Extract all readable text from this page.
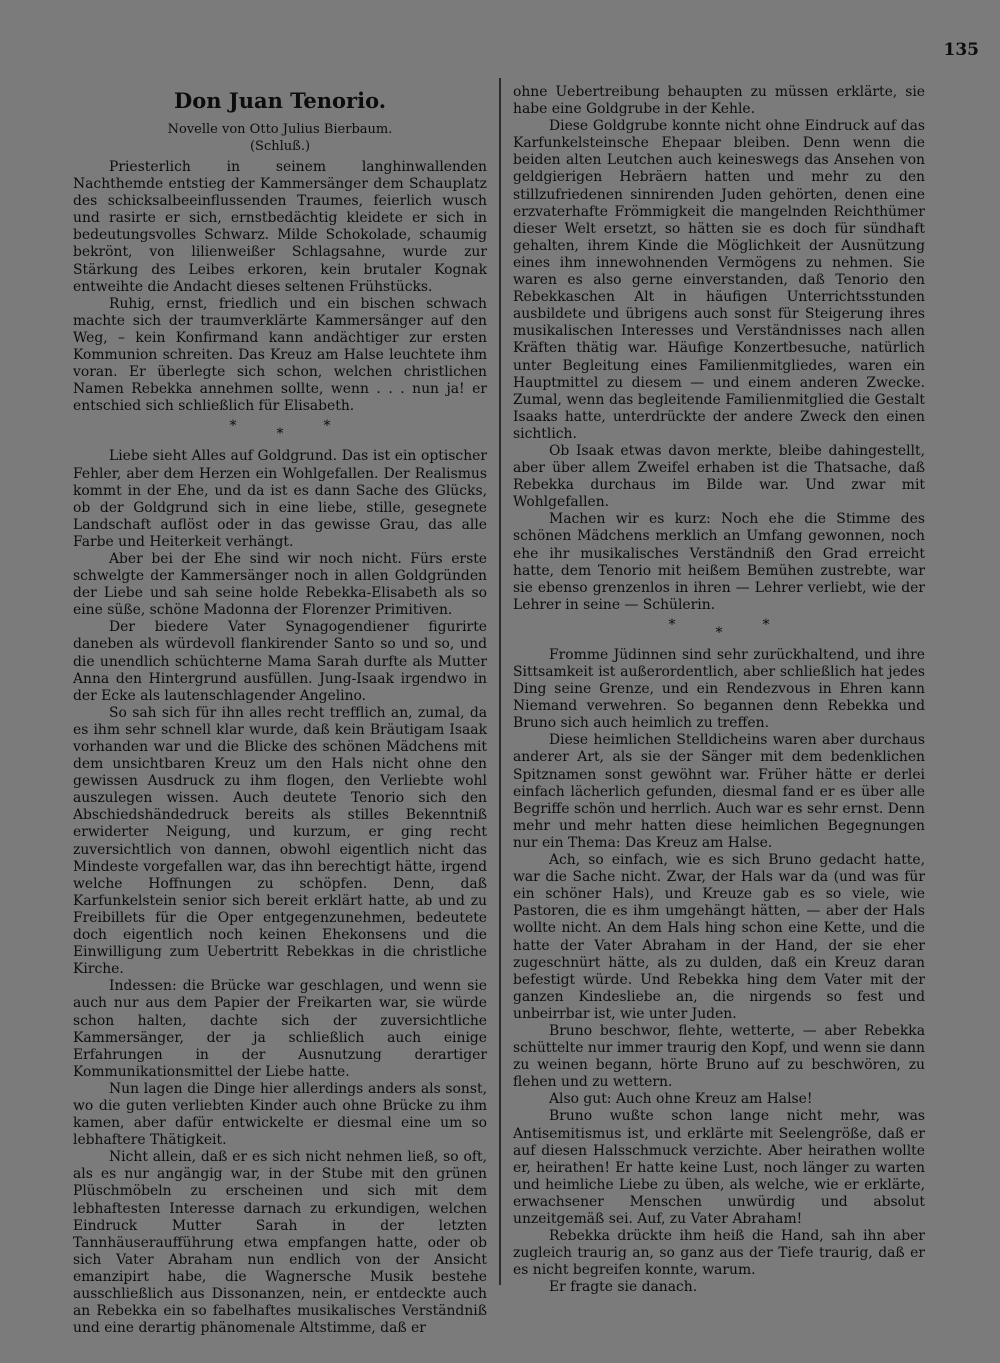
135
Don Juan Tenorio.
Novelle von Otto Julius Bierbaum.
(Schluß.)

Priesterlich in seinem langhinwallenden Nachthemde entstieg der Kammersänger dem Schauplatz des schicksalbeeinflussenden Traumes, feierlich wusch und rasirte er sich, ernstbedächtig kleidete er sich in bedeutungsvolles Schwarz. Milde Schokolade, schaumig bekrönt, von lilienweißer Schlagsahne, wurde zur Stärkung des Leibes erkoren, kein brutaler Kognak entweihte die Andacht dieses seltenen Frühstücks.

Ruhig, ernst, friedlich und ein bischen schwach machte sich der traumverklärte Kammersänger auf den Weg, – kein Konfirmand kann andächtiger zur ersten Kommunion schreiten. Das Kreuz am Halse leuchtete ihm voran. Er überlegte sich schon, welchen christlichen Namen Rebekka annehmen sollte, wenn . . . nun ja! er entschied sich schließlich für Elisabeth.

***

Liebe sieht Alles auf Goldgrund. Das ist ein optischer Fehler, aber dem Herzen ein Wohlgefallen. Der Realismus kommt in der Ehe, und da ist es dann Sache des Glücks, ob der Goldgrund sich in eine liebe, stille, gesegnete Landschaft auflöst oder in das gewisse Grau, das alle Farbe und Heiterkeit verhängt.

Aber bei der Ehe sind wir noch nicht. Fürs erste schwelgte der Kammersänger noch in allen Goldgründen der Liebe und sah seine holde Rebekka-Elisabeth als so eine süße, schöne Madonna der Florenzer Primitiven.

Der biedere Vater Synagogendiener figurirte daneben als würdevoll flankirender Santo so und so, und die unendlich schüchterne Mama Sarah durfte als Mutter Anna den Hintergrund ausfüllen. Jung-Isaak irgendwo in der Ecke als lautenschlagender Angelino.

So sah sich für ihn alles recht trefflich an, zumal, da es ihm sehr schnell klar wurde, daß kein Bräutigam Isaak vorhanden war und die Blicke des schönen Mädchens mit dem unsichtbaren Kreuz um den Hals nicht ohne den gewissen Ausdruck zu ihm flogen, den Verliebte wohl auszulegen wissen. Auch deutete Tenorio sich den Abschiedshändedruck bereits als stilles Bekenntniß erwiderter Neigung, und kurzum, er ging recht zuversichtlich von dannen, obwohl eigentlich nicht das Mindeste vorgefallen war, das ihn berechtigt hätte, irgend welche Hoffnungen zu schöpfen. Denn, daß Karfunkelstein senior sich bereit erklärt hatte, ab und zu Freibillets für die Oper entgegenzunehmen, bedeutete doch eigentlich noch keinen Ehekonsens und die Einwilligung zum Uebertritt Rebekkas in die christliche Kirche.

Indessen: die Brücke war geschlagen, und wenn sie auch nur aus dem Papier der Freikarten war, sie würde schon halten, dachte sich der zuversichtliche Kammersänger, der ja schließlich auch einige Erfahrungen in der Ausnutzung derartiger Kommunikationsmittel der Liebe hatte.

Nun lagen die Dinge hier allerdings anders als sonst, wo die guten verliebten Kinder auch ohne Brücke zu ihm kamen, aber dafür entwickelte er diesmal eine um so lebhaftere Thätigkeit.

Nicht allein, daß er es sich nicht nehmen ließ, so oft, als es nur angängig war, in der Stube mit den grünen Plüschmöbeln zu erscheinen und sich mit dem lebhaftesten Interesse darnach zu erkundigen, welchen Eindruck Mutter Sarah in der letzten Tannhäuseraufführung etwa empfangen hatte, oder ob sich Vater Abraham nun endlich von der Ansicht emanzipirt habe, die Wagnersche Musik bestehe ausschließlich aus Dissonanzen, nein, er entdeckte auch an Rebekka ein so fabelhaftes musikalisches Verständniß und eine derartig phänomenale Altstimme, daß er

ohne Uebertreibung behaupten zu müssen erklärte, sie habe eine Goldgrube in der Kehle.

Diese Goldgrube konnte nicht ohne Eindruck auf das Karfunkelsteinsche Ehepaar bleiben. Denn wenn die beiden alten Leutchen auch keineswegs das Ansehen von geldgierigen Hebräern hatten und mehr zu den stillzufriedenen sinnirenden Juden gehörten, denen eine erzvaterhafte Frömmigkeit die mangelnden Reichthümer dieser Welt ersetzt, so hätten sie es doch für sündhaft gehalten, ihrem Kinde die Möglichkeit der Ausnützung eines ihm innewohnenden Vermögens zu nehmen. Sie waren es also gerne einverstanden, daß Tenorio den Rebekkaschen Alt in häufigen Unterrichtsstunden ausbildete und übrigens auch sonst für Steigerung ihres musikalischen Interesses und Verständnisses nach allen Kräften thätig war. Häufige Konzertbesuche, natürlich unter Begleitung eines Familienmitgliedes, waren ein Hauptmittel zu diesem — und einem anderen Zwecke. Zumal, wenn das begleitende Familienmitglied die Gestalt Isaaks hatte, unterdrückte der andere Zweck den einen sichtlich.

Ob Isaak etwas davon merkte, bleibe dahingestellt, aber über allem Zweifel erhaben ist die Thatsache, daß Rebekka durchaus im Bilde war. Und zwar mit Wohlgefallen.

Machen wir es kurz: Noch ehe die Stimme des schönen Mädchens merklich an Umfang gewonnen, noch ehe ihr musikalisches Verständniß den Grad erreicht hatte, dem Tenorio mit heißem Bemühen zustrebte, war sie ebenso grenzenlos in ihren — Lehrer verliebt, wie der Lehrer in seine — Schülerin.

***

Fromme Jüdinnen sind sehr zurückhaltend, und ihre Sittsamkeit ist außerordentlich, aber schließlich hat jedes Ding seine Grenze, und ein Rendezvous in Ehren kann Niemand verwehren. So begannen denn Rebekka und Bruno sich auch heimlich zu treffen.

Diese heimlichen Stelldicheins waren aber durchaus anderer Art, als sie der Sänger mit dem bedenklichen Spitznamen sonst gewöhnt war. Früher hätte er derlei einfach lächerlich gefunden, diesmal fand er es über alle Begriffe schön und herrlich. Auch war es sehr ernst. Denn mehr und mehr hatten diese heimlichen Begegnungen nur ein Thema: Das Kreuz am Halse.

Ach, so einfach, wie es sich Bruno gedacht hatte, war die Sache nicht. Zwar, der Hals war da (und was für ein schöner Hals), und Kreuze gab es so viele, wie Pastoren, die es ihm umgehängt hätten, — aber der Hals wollte nicht. An dem Hals hing schon eine Kette, und die hatte der Vater Abraham in der Hand, der sie eher zugeschnürt hätte, als zu dulden, daß ein Kreuz daran befestigt würde. Und Rebekka hing dem Vater mit der ganzen Kindesliebe an, die nirgends so fest und unbeirrbar ist, wie unter Juden.

Bruno beschwor, flehte, wetterte, — aber Rebekka schüttelte nur immer traurig den Kopf, und wenn sie dann zu weinen begann, hörte Bruno auf zu beschwören, zu flehen und zu wettern.

Also gut: Auch ohne Kreuz am Halse!

Bruno wußte schon lange nicht mehr, was Antisemitismus ist, und erklärte mit Seelengröße, daß er auf diesen Halsschmuck verzichte. Aber heirathen wollte er, heirathen! Er hatte keine Lust, noch länger zu warten und heimliche Liebe zu üben, als welche, wie er erklärte, erwachsener Menschen unwürdig und absolut unzeitgemäß sei. Auf, zu Vater Abraham!

Rebekka drückte ihm heiß die Hand, sah ihn aber zugleich traurig an, so ganz aus der Tiefe traurig, daß er es nicht begreifen konnte, warum.

Er fragte sie danach.
